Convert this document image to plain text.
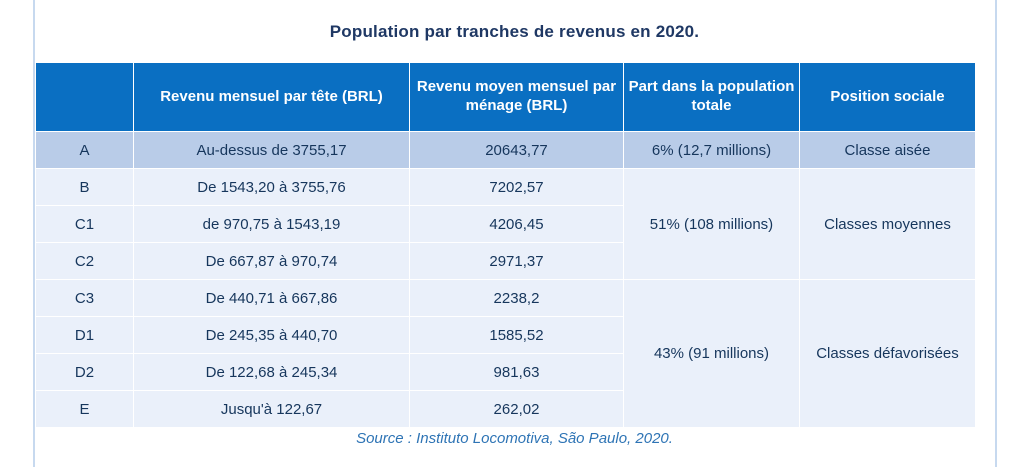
Population par tranches de revenus en 2020.
	Revenu mensuel par tête (BRL)	Revenu moyen mensuel par ménage (BRL)	Part dans la population totale	Position sociale
A	Au-dessus de 3755,17	20643,77	6% (12,7 millions)	Classe aisée
B	De 1543,20 à 3755,76	7202,57	51% (108 millions)	Classes moyennes
C1	de 970,75 à 1543,19	4206,45		
C2	De 667,87 à 970,74	2971,37		
C3	De 440,71 à 667,86	2238,2	43% (91 millions)	Classes défavorisées
D1	De 245,35 à 440,70	1585,52		
D2	De 122,68 à 245,34	981,63		
E	Jusqu'à 122,67	262,02		
Source : Instituto Locomotiva, São Paulo, 2020.
